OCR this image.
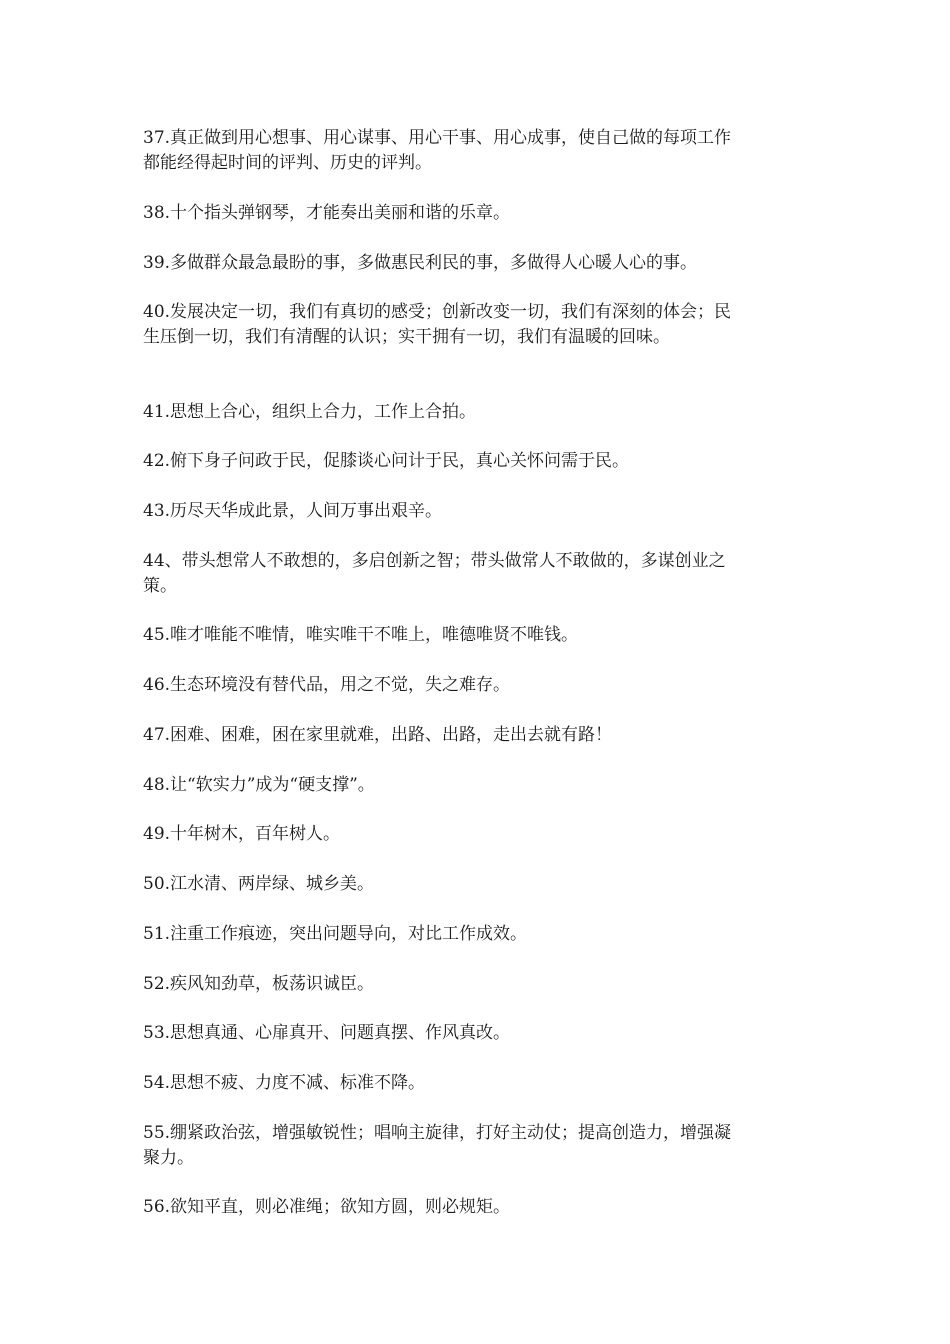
37.真正做到用心想事、用心谋事、用心干事、用心成事，使自己做的每项工作
都能经得起时间的评判、历史的评判。
38.十个指头弹钢琴，才能奏出美丽和谐的乐章。
39.多做群众最急最盼的事，多做惠民利民的事，多做得人心暖人心的事。
40.发展决定一切，我们有真切的感受；创新改变一切，我们有深刻的体会；民
生压倒一切，我们有清醒的认识；实干拥有一切，我们有温暖的回味。
41.思想上合心，组织上合力，工作上合拍。
42.俯下身子问政于民，促膝谈心问计于民，真心关怀问需于民。
43.历尽天华成此景，人间万事出艰辛。
44、带头想常人不敢想的，多启创新之智；带头做常人不敢做的，多谋创业之
策。
45.唯才唯能不唯情，唯实唯干不唯上，唯德唯贤不唯钱。
46.生态环境没有替代品，用之不觉，失之难存。
47.困难、困难，困在家里就难，出路、出路，走出去就有路！
48.让“软实力”成为“硬支撑”。
49.十年树木，百年树人。
50.江水清、两岸绿、城乡美。
51.注重工作痕迹，突出问题导向，对比工作成效。
52.疾风知劲草，板荡识诚臣。
53.思想真通、心扉真开、问题真摆、作风真改。
54.思想不疲、力度不减、标准不降。
55.绷紧政治弦，增强敏锐性；唱响主旋律，打好主动仗；提高创造力，增强凝
聚力。
56.欲知平直，则必准绳；欲知方圆，则必规矩。
